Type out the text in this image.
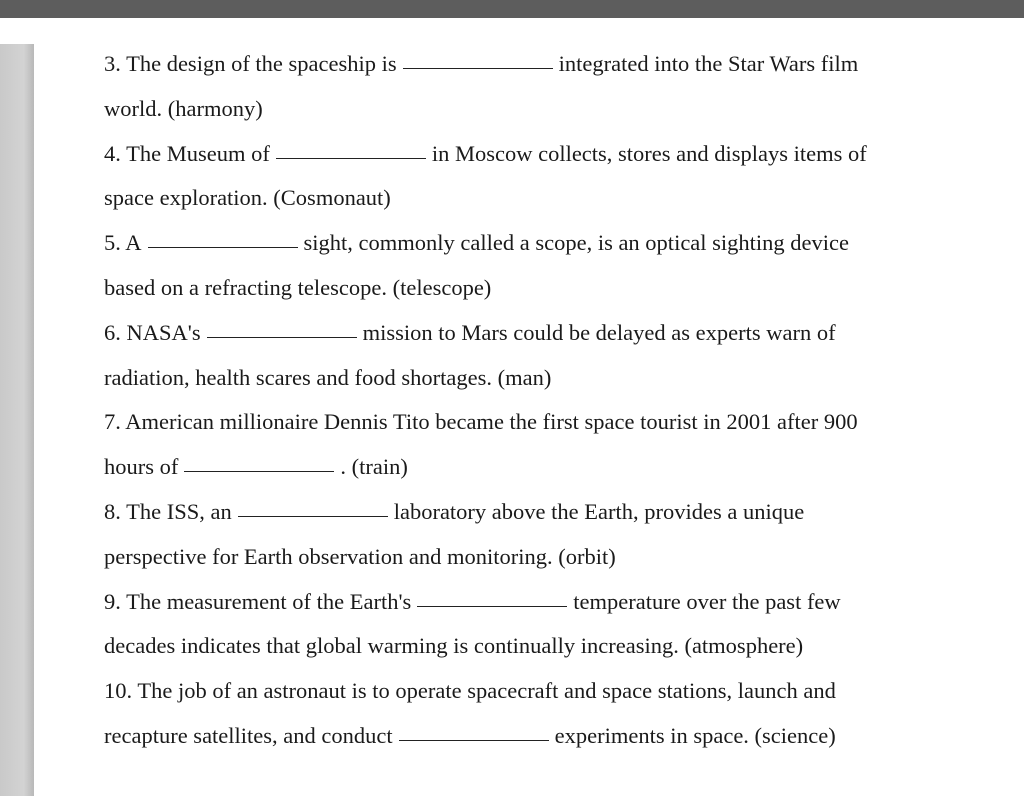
3. The design of the spaceship is	integrated into the Star Wars film
world. (harmony)
4. The Museum of	in Moscow collects, stores and displays items of
space exploration. (Cosmonaut)
5. A	sight, commonly called a scope, is an optical sighting device
based on a refracting telescope. (telescope)
6. NASA's	mission to Mars could be delayed as experts warn of
radiation, health scares and food shortages. (man)
7. American millionaire Dennis Tito became the first space tourist in 2001 after 900
hours of	. (train)
8. The ISS, an	laboratory above the Earth, provides a unique
perspective for Earth observation and monitoring. (orbit)
9. The measurement of the Earth's	temperature over the past few
decades indicates that global warming is continually increasing. (atmosphere)
10. The job of an astronaut is to operate spacecraft and space stations, launch and
recapture satellites, and conduct	experiments in space. (science)
